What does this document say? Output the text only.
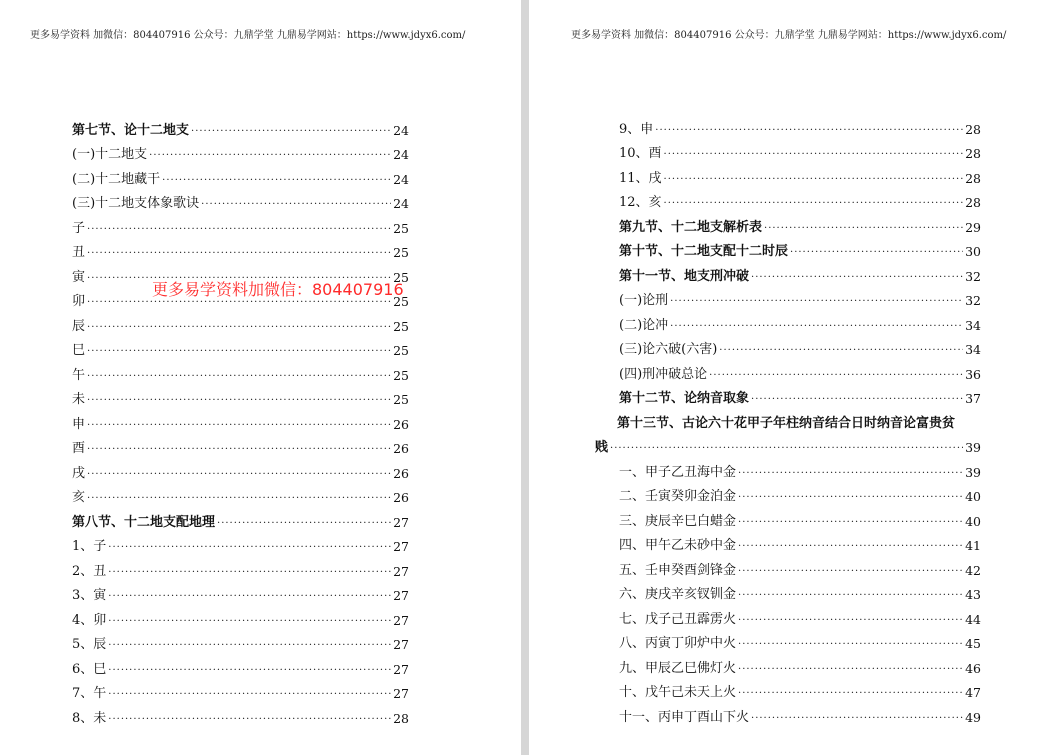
更多易学资料 加微信：804407916 公众号：九鼎学堂 九鼎易学网站：https://www.jdyx6.com/
第七节、论十二地支 ·····	24
(一)十二地支 ·····	24
(二)十二地藏干 ·····	24
(三)十二地支体象歌诀 ·····	24
子 ·····	25
丑 ·····	25
寅 ·····	25
卯 ·····	25
辰 ·····	25
巳 ·····	25
午 ·····	25
未 ·····	25
申 ·····	26
酉 ·····	26
戌 ·····	26
亥 ·····	26
第八节、十二地支配地理 ·····	27
1、子 ·····	27
2、丑 ·····	27
3、寅 ·····	27
4、卯 ·····	27
5、辰 ·····	27
6、巳 ·····	27
7、午 ·····	27
8、未 ·····	28
更多易学资料加微信：804407916
更多易学资料 加微信：804407916 公众号：九鼎学堂 九鼎易学网站：https://www.jdyx6.com/
9、申 ·····	28
10、酉 ·····	28
11、戌 ·····	28
12、亥 ·····	28
第九节、十二地支解析表 ·····	29
第十节、十二地支配十二时辰 ·····	30
第十一节、地支刑冲破 ·····	32
(一)论刑 ·····	32
(二)论冲 ·····	34
(三)论六破(六害) ·····	34
(四)刑冲破总论 ·····	36
第十二节、论纳音取象 ·····	37
第十三节、古论六十花甲子年柱纳音结合日时纳音论富贵贫
贱 ·····	39
一、甲子乙丑海中金 ·····	39
二、壬寅癸卯金泊金 ·····	40
三、庚辰辛巳白蜡金 ·····	40
四、甲午乙未砂中金 ·····	41
五、壬申癸酉剑锋金 ·····	42
六、庚戌辛亥钗钏金 ·····	43
七、戊子己丑霹雳火 ·····	44
八、丙寅丁卯炉中火 ·····	45
九、甲辰乙巳佛灯火 ·····	46
十、戊午己未天上火 ·····	47
十一、丙申丁酉山下火 ·····	49
